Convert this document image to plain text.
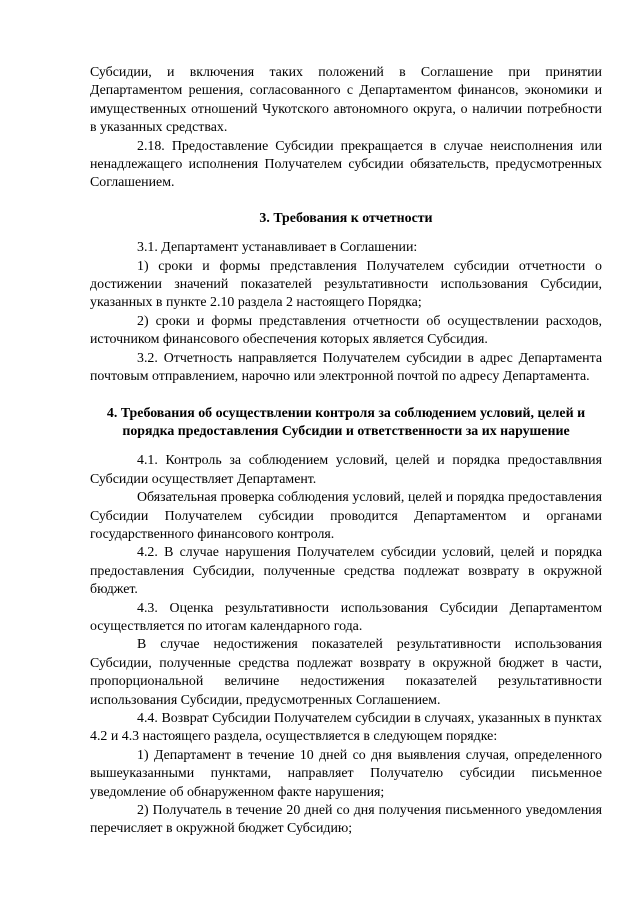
Субсидии, и включения таких положений в Соглашение при принятии Департаментом решения, согласованного с Департаментом финансов, экономики и имущественных отношений Чукотского автономного округа, о наличии потребности в указанных средствах.

2.18. Предоставление Субсидии прекращается в случае неисполнения или ненадлежащего исполнения Получателем субсидии обязательств, предусмотренных Соглашением.

3. Требования к отчетности

3.1. Департамент устанавливает в Соглашении:

1) сроки и формы представления Получателем субсидии отчетности о достижении значений показателей результативности использования Субсидии, указанных в пункте 2.10 раздела 2 настоящего Порядка;

2) сроки и формы представления отчетности об осуществлении расходов, источником финансового обеспечения которых является Субсидия.

3.2. Отчетность направляется Получателем субсидии в адрес Департамента почтовым отправлением, нарочно или электронной почтой по адресу Департамента.

4. Требования об осуществлении контроля за соблюдением условий, целей и порядка предоставления Субсидии и ответственности за их нарушение

4.1. Контроль за соблюдением условий, целей и порядка предоставлвния Субсидии осуществляет Департамент.

Обязательная проверка соблюдения условий, целей и порядка предоставления Субсидии Получателем субсидии проводится Департаментом и органами государственного финансового контроля.

4.2. В случае нарушения Получателем субсидии условий, целей и порядка предоставления Субсидии, полученные средства подлежат возврату в окружной бюджет.

4.3. Оценка результативности использования Субсидии Департаментом осуществляется по итогам календарного года.

В случае недостижения показателей результативности использования Субсидии, полученные средства подлежат возврату в окружной бюджет в части, пропорциональной величине недостижения показателей результативности использования Субсидии, предусмотренных Соглашением.

4.4. Возврат Субсидии Получателем субсидии в случаях, указанных в пунктах 4.2 и 4.3 настоящего раздела, осуществляется в следующем порядке:

1) Департамент в течение 10 дней со дня выявления случая, определенного вышеуказанными пунктами, направляет Получателю субсидии письменное уведомление об обнаруженном факте нарушения;

2) Получатель в течение 20 дней со дня получения письменного уведомления перечисляет в окружной бюджет Субсидию;
